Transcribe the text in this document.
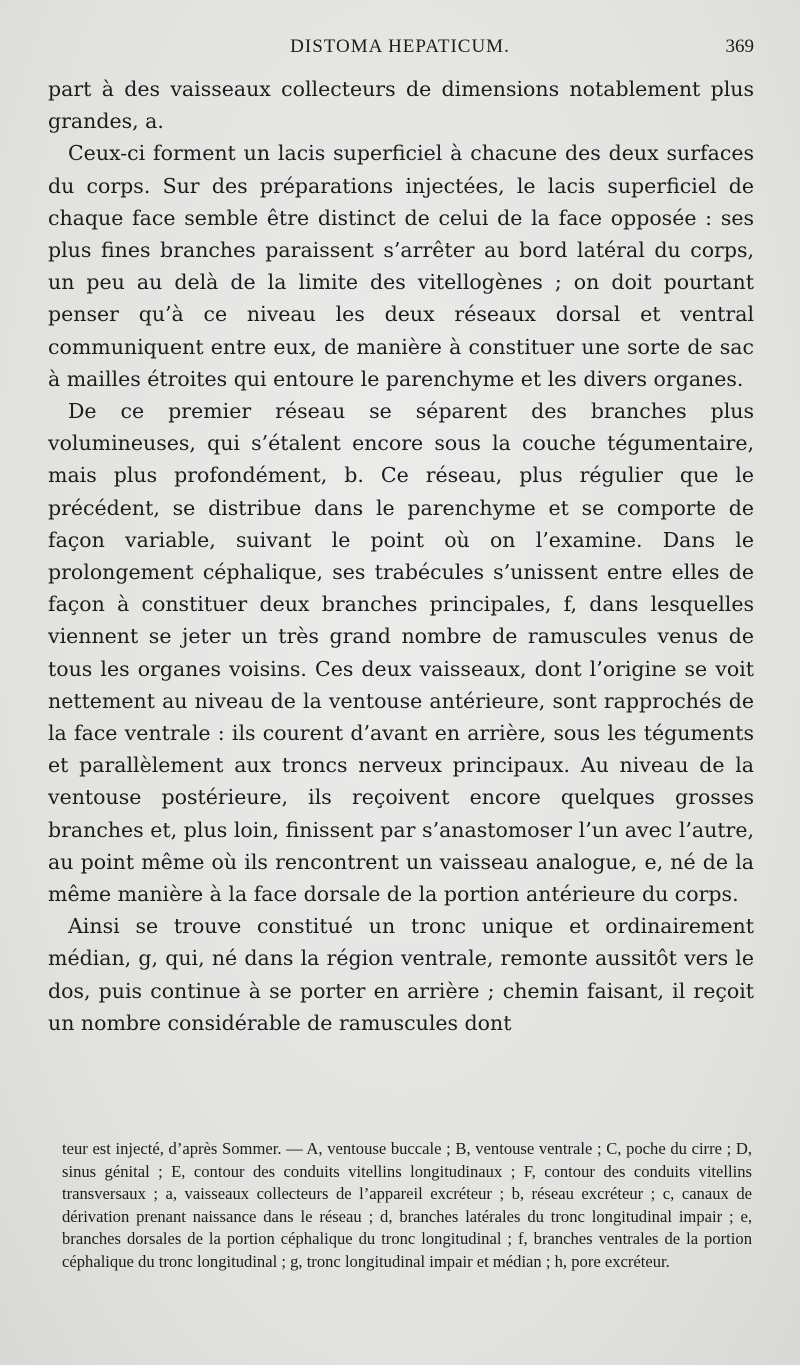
DISTOMA HEPATICUM.	369

part à des vaisseaux collecteurs de dimensions notablement plus grandes, a.

Ceux-ci forment un lacis superficiel à chacune des deux surfaces du corps. Sur des préparations injectées, le lacis superficiel de chaque face semble être distinct de celui de la face opposée : ses plus fines branches paraissent s’arrêter au bord latéral du corps, un peu au delà de la limite des vitellogènes ; on doit pourtant penser qu’à ce niveau les deux réseaux dorsal et ventral communiquent entre eux, de manière à constituer une sorte de sac à mailles étroites qui entoure le parenchyme et les divers organes.

De ce premier réseau se séparent des branches plus volumineuses, qui s’étalent encore sous la couche tégumentaire, mais plus profondément, b. Ce réseau, plus régulier que le précédent, se distribue dans le parenchyme et se comporte de façon variable, suivant le point où on l’examine. Dans le prolongement céphalique, ses trabécules s’unissent entre elles de façon à constituer deux branches principales, f, dans lesquelles viennent se jeter un très grand nombre de ramuscules venus de tous les organes voisins. Ces deux vaisseaux, dont l’origine se voit nettement au niveau de la ventouse antérieure, sont rapprochés de la face ventrale : ils courent d’avant en arrière, sous les téguments et parallèlement aux troncs nerveux principaux. Au niveau de la ventouse postérieure, ils reçoivent encore quelques grosses branches et, plus loin, finissent par s’anastomoser l’un avec l’autre, au point même où ils rencontrent un vaisseau analogue, e, né de la même manière à la face dorsale de la portion antérieure du corps.

Ainsi se trouve constitué un tronc unique et ordinairement médian, g, qui, né dans la région ventrale, remonte aussitôt vers le dos, puis continue à se porter en arrière ; chemin faisant, il reçoit un nombre considérable de ramuscules dont

teur est injecté, d’après Sommer. — A, ventouse buccale ; B, ventouse ventrale ; C, poche du cirre ; D, sinus génital ; E, contour des conduits vitellins longitudinaux ; F, contour des conduits vitellins transversaux ; a, vaisseaux collecteurs de l’appareil excréteur ; b, réseau excréteur ; c, canaux de dérivation prenant naissance dans le réseau ; d, branches latérales du tronc longitudinal impair ; e, branches dorsales de la portion céphalique du tronc longitudinal ; f, branches ventrales de la portion céphalique du tronc longitudinal ; g, tronc longitudinal impair et médian ; h, pore excréteur.
